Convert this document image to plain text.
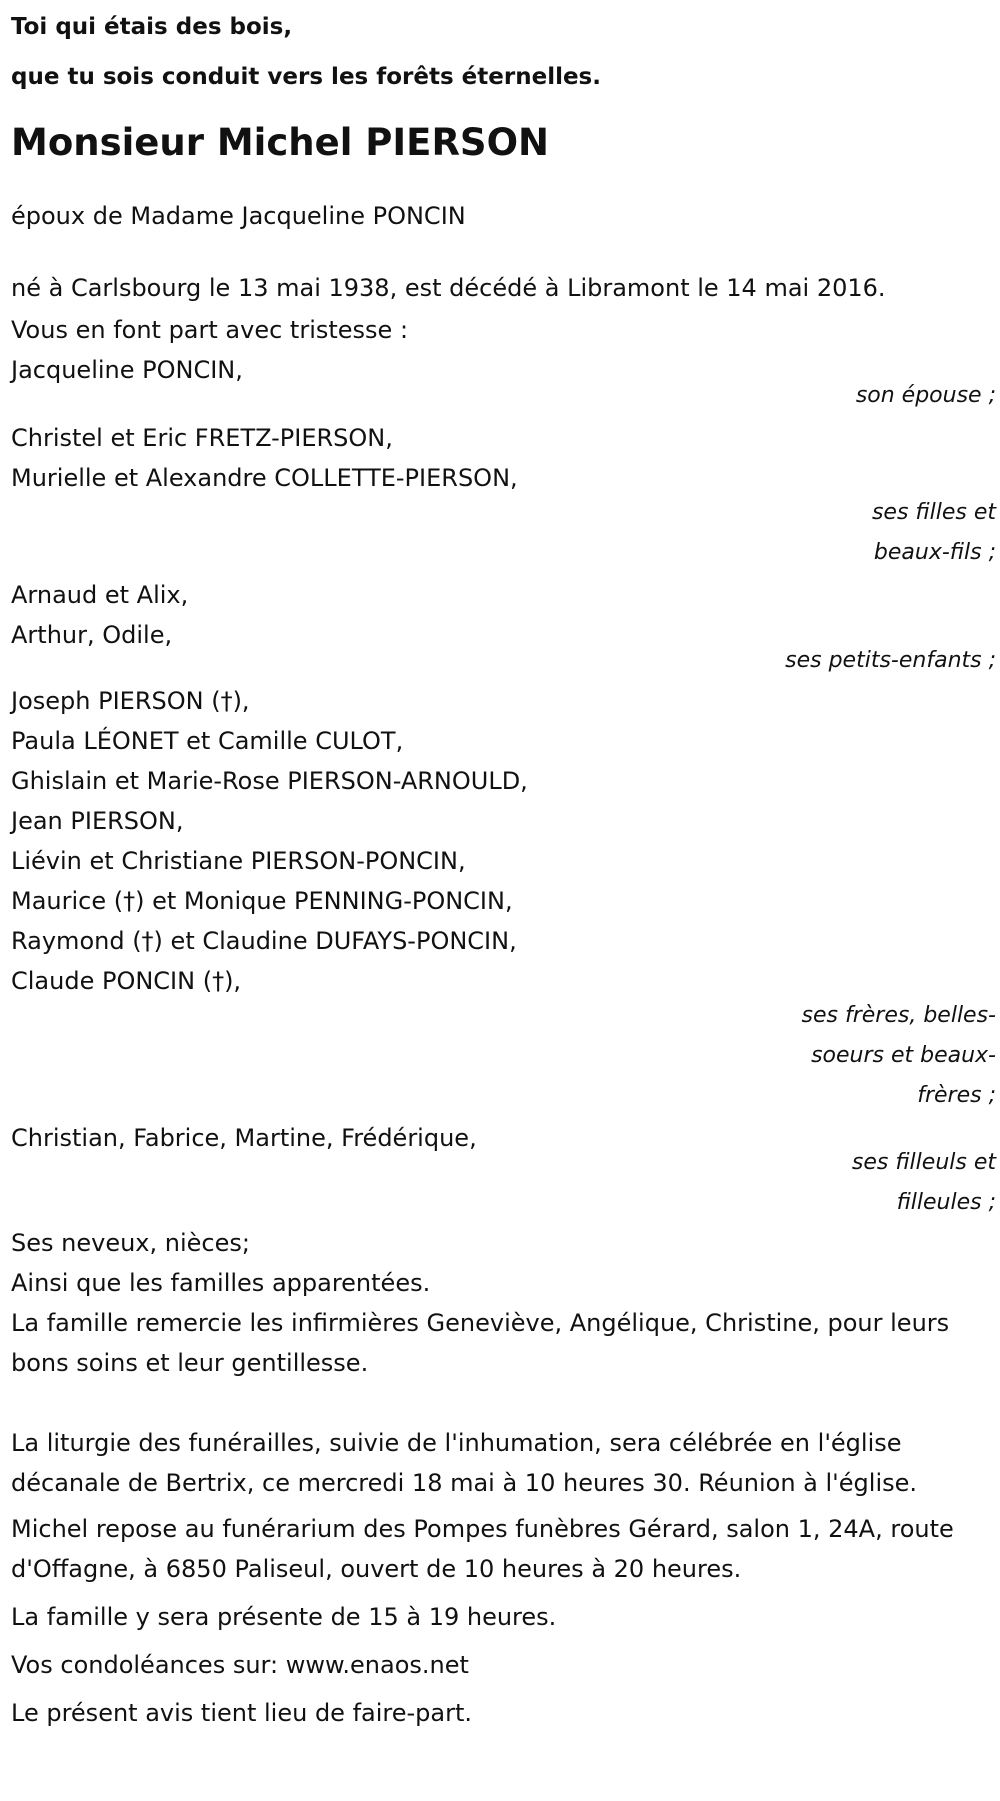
Toi qui étais des bois,
que tu sois conduit vers les forêts éternelles.
Monsieur Michel PIERSON
époux de Madame Jacqueline PONCIN
né à Carlsbourg le 13 mai 1938, est décédé à Libramont le 14 mai 2016.
Vous en font part avec tristesse :
Jacqueline PONCIN,
son épouse ;
Christel et Eric FRETZ-PIERSON,
Murielle et Alexandre COLLETTE-PIERSON,
ses filles et beaux-fils ;
Arnaud et Alix,
Arthur, Odile,
ses petits-enfants ;
Joseph PIERSON (†),
Paula LÉONET et Camille CULOT,
Ghislain et Marie-Rose PIERSON-ARNOULD,
Jean PIERSON,
Liévin et Christiane PIERSON-PONCIN,
Maurice (†) et Monique PENNING-PONCIN,
Raymond (†) et Claudine DUFAYS-PONCIN,
Claude PONCIN (†),
ses frères, belles-soeurs et beaux-frères ;
Christian, Fabrice, Martine, Frédérique,
ses filleuls et filleules ;
Ses neveux, nièces;
Ainsi que les familles apparentées.
La famille remercie les infirmières Geneviève, Angélique, Christine, pour leurs bons soins et leur gentillesse.
La liturgie des funérailles, suivie de l'inhumation, sera célébrée en l'église décanale de Bertrix, ce mercredi 18 mai à 10 heures 30. Réunion à l'église.
Michel repose au funérarium des Pompes funèbres Gérard, salon 1, 24A, route d'Offagne, à 6850 Paliseul, ouvert de 10 heures à 20 heures.
La famille y sera présente de 15 à 19 heures.
Vos condoléances sur: www.enaos.net
Le présent avis tient lieu de faire-part.
